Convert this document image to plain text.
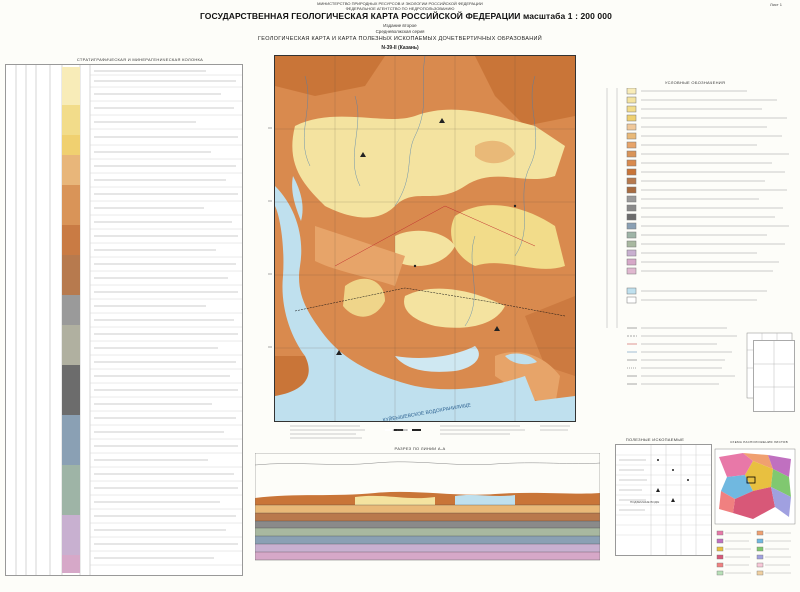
МИНИСТЕРСТВО ПРИРОДНЫХ РЕСУРСОВ И ЭКОЛОГИИ РОССИЙСКОЙ ФЕДЕРАЦИИ
ФЕДЕРАЛЬНОЕ АГЕНТСТВО ПО НЕДРОПОЛЬЗОВАНИЮ
Лист 1
ГОСУДАРСТВЕННАЯ ГЕОЛОГИЧЕСКАЯ КАРТА РОССИЙСКОЙ ФЕДЕРАЦИИ масштаба 1 : 200 000
Издание второе
Средневолжская серия
ГЕОЛОГИЧЕСКАЯ КАРТА И КАРТА ПОЛЕЗНЫХ ИСКОПАЕМЫХ ДОЧЕТВЕРТИЧНЫХ ОБРАЗОВАНИЙ
N-39-II (Казань)
СТРАТИГРАФИЧЕСКАЯ И МИНЕРАГЕНИЧЕСКАЯ КОЛОНКА
КУЙБЫШЕВСКОЕ ВОДОХРАНИЛИЩЕ
1 : 200 000
РАЗРЕЗ ПО ЛИНИИ А-А
УСЛОВНЫЕ ОБОЗНАЧЕНИЯ
ПОЛЕЗНЫЕ ИСКОПАЕМЫЕ
ПОДЗЕМНЫЕ ВОДЫ
СХЕМА РАСПОЛОЖЕНИЯ ЛИСТОВ
